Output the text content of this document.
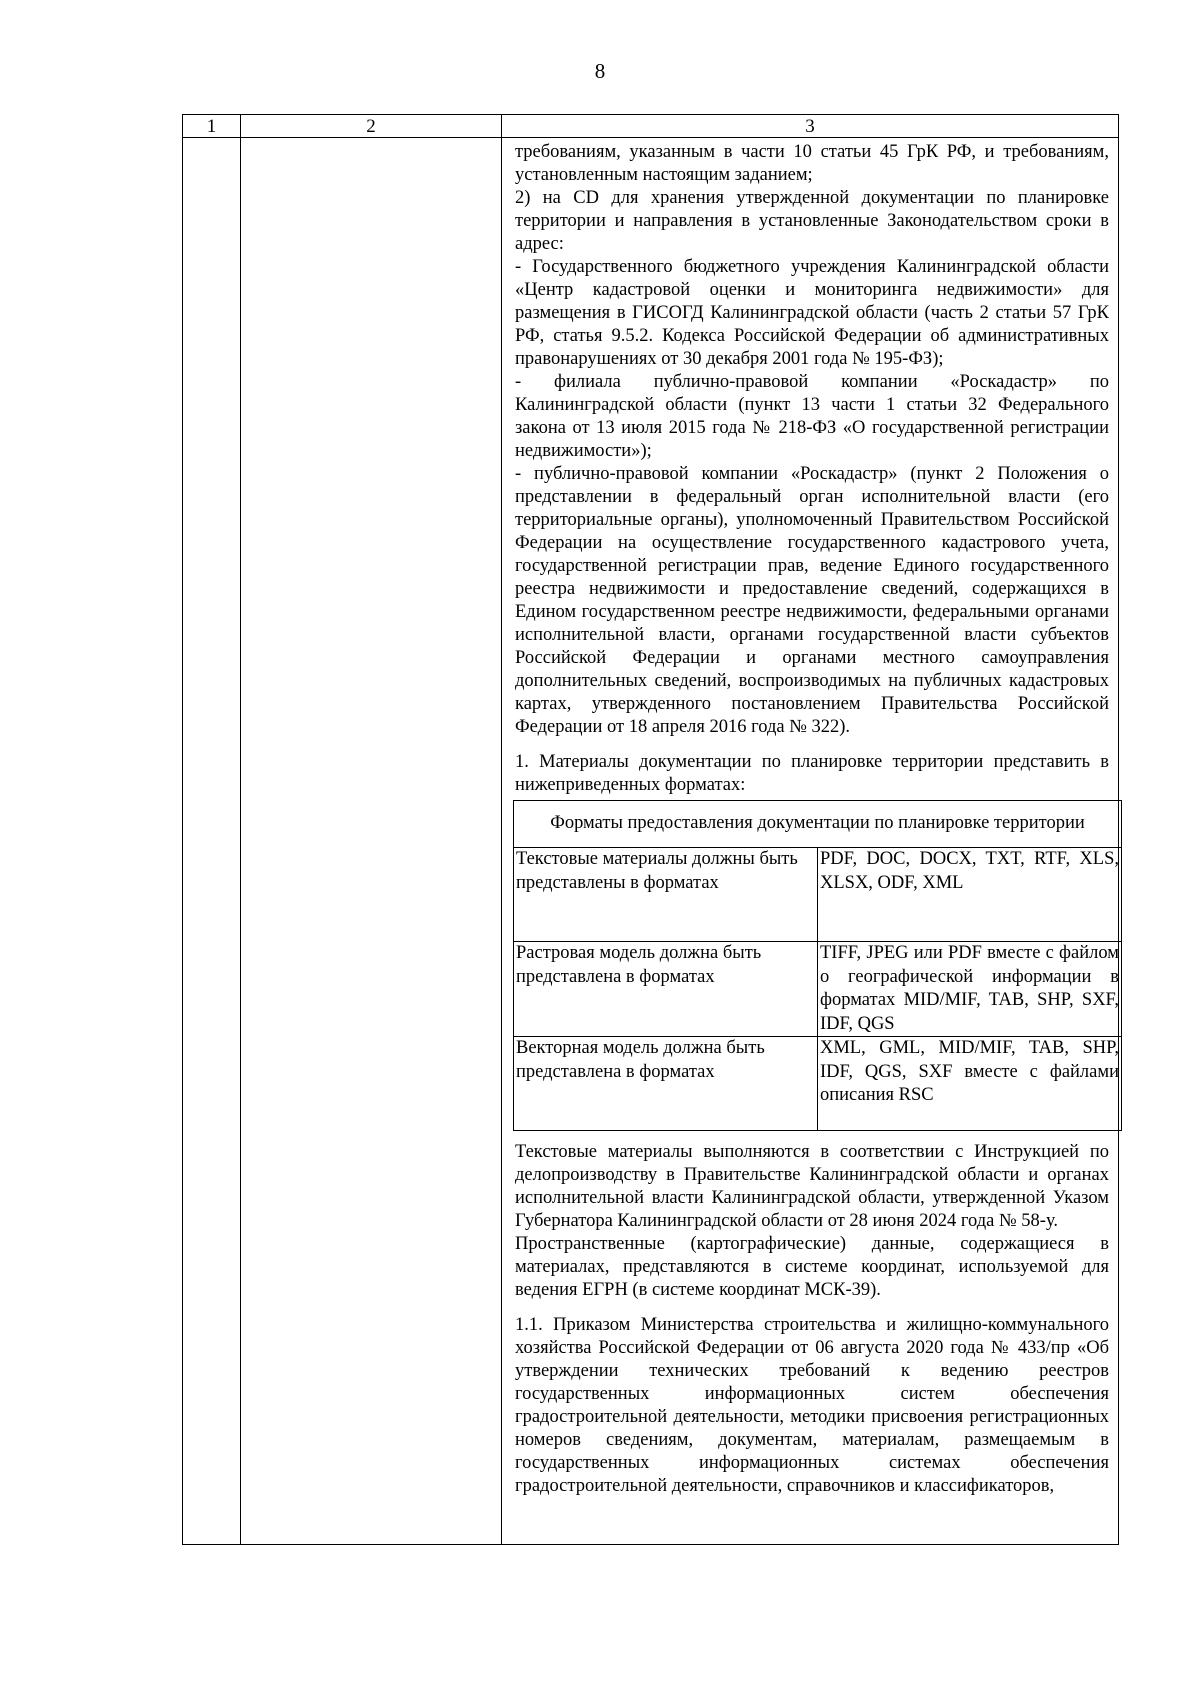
8
1	2	3

требованиям, указанным в части 10 статьи 45 ГрК РФ, и требованиям, установленным настоящим заданием;

2) на CD для хранения утвержденной документации по планировке территории и направления в установленные Законодательством сроки в адрес:

- Государственного бюджетного учреждения Калининградской области «Центр кадастровой оценки и мониторинга недвижимости» для размещения в ГИСОГД Калининградской области (часть 2 статьи 57 ГрК РФ, статья 9.5.2. Кодекса Российской Федерации об административных правонарушениях от 30 декабря 2001 года № 195-ФЗ);

- филиала публично-правовой компании «Роскадастр» по Калининградской области (пункт 13 части 1 статьи 32 Федерального закона от 13 июля 2015 года № 218-ФЗ «О государственной регистрации недвижимости»);

- публично-правовой компании «Роскадастр» (пункт 2 Положения о представлении в федеральный орган исполнительной власти (его территориальные органы), уполномоченный Правительством Российской Федерации на осуществление государственного кадастрового учета, государственной регистрации прав, ведение Единого государственного реестра недвижимости и предоставление сведений, содержащихся в Едином государственном реестре недвижимости, федеральными органами исполнительной власти, органами государственной власти субъектов Российской Федерации и органами местного самоуправления дополнительных сведений, воспроизводимых на публичных кадастровых картах, утвержденного постановлением Правительства Российской Федерации от 18 апреля 2016 года № 322).

1. Материалы документации по планировке территории представить в нижеприведенных форматах:

Форматы предоставления документации по планировке территории
Текстовые материалы должны быть представлены в форматах	PDF, DOC, DOCX, TXT, RTF, XLS, XLSX, ODF, XML
Растровая модель должна быть представлена в форматах	TIFF, JPEG или PDF вместе с файлом о географической информации в форматах MID/MIF, TAB, SHP, SXF, IDF, QGS
Векторная модель должна быть представлена в форматах	XML, GML, MID/MIF, TAB, SHP, IDF, QGS, SXF вместе с файлами описания RSC

Текстовые материалы выполняются в соответствии с Инструкцией по делопроизводству в Правительстве Калининградской области и органах исполнительной власти Калининградской области, утвержденной Указом Губернатора Калининградской области от 28 июня 2024 года № 58-у.

Пространственные (картографические) данные, содержащиеся в материалах, представляются в системе координат, используемой для ведения ЕГРН (в системе координат МСК-39).

1.1. Приказом Министерства строительства и жилищно-коммунального хозяйства Российской Федерации от 06 августа 2020 года № 433/пр «Об утверждении технических требований к ведению реестров государственных информационных систем обеспечения градостроительной деятельности, методики присвоения регистрационных номеров сведениям, документам, материалам, размещаемым в государственных информационных системах обеспечения градостроительной деятельности, справочников и классификаторов,
